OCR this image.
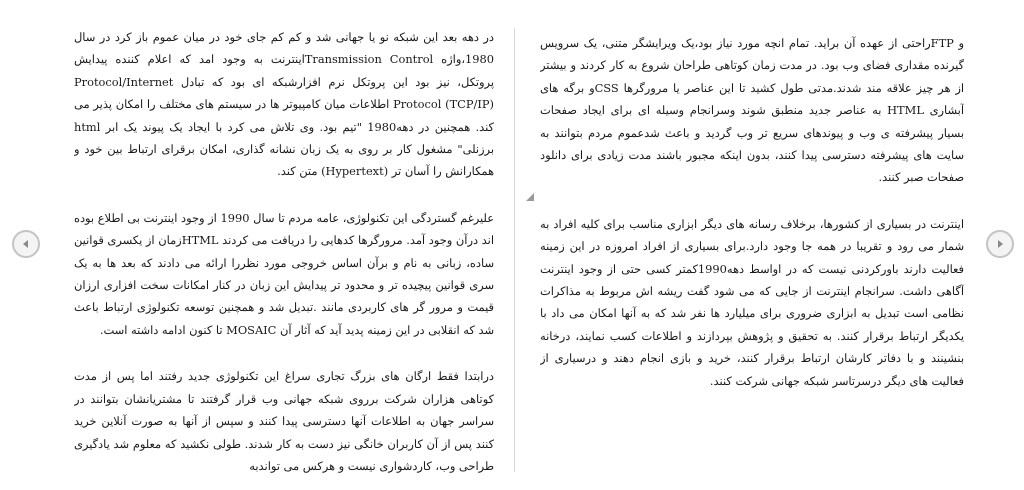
در دهه بعد این شبکه نو یا جهانی شد و کم کم جای خود در میان عموم باز کرد در سال 1980،واژه Transmission Controlاینترنت به وجود امد که اعلام کننده پیدایش پروتکل، نیز بود این پروتکل نرم افزارشبکه ای بود که تبادل Protocol/Internet Protocol (TCP/IP) اطلاعات میان کامپیوتر ها در سیستم های مختلف را امکان پذیر می کند. همچنین در دهه1980 "تیم بود. وی تلاش می کرد با ایجاد یک پیوند یک ابر html برزنلی" مشغول کار بر روی به یک زبان نشانه گذاری، امکان برقرای ارتباط بین خود و همکارانش را آسان تر (Hypertext) متن کند.

علیرغم گستردگی این تکنولوژی، عامه مردم تا سال 1990 از وجود اینترنت بی اطلاع بوده اند درآن وجود آمد. مرورگرها کدهایی را دریافت می کردند HTMLزمان از یکسری قوانین ساده، زبانی به نام و برآن اساس خروجی مورد نظررا ارائه می دادند که بعد ها به یک سری قوانین پیچیده تر و محدود تر پیدایش این زبان در کنار امکانات سخت افزاری ارزان قیمت و مرور گر های کاربردی مانند .تبدیل شد و همچنین توسعه تکنولوژی ارتباط باعث شد که انقلابی در این زمینه پدید آید که آثار آن MOSAIC تا کنون ادامه داشته است.

درابتدا فقط ارگان های بزرگ تجاری سراغ این تکنولوژی جدید رفتند اما پس از مدت کوتاهی هزاران شرکت برروی شبکه جهانی وب قرار گرفتند تا مشتریانشان بتوانند در سراسر جهان به اطلاعات آنها دسترسی پیدا کنند و سپس از آنها به صورت آنلاین خرید کنند پس از آن کاربران خانگی نیز دست به کار شدند. طولی نکشید که معلوم شد یادگیری طراحی وب، کاردشواری نیست و هرکس می تواندبه

و FTPراحتی از عهده آن براید. تمام انچه مورد نیاز بود،یک ویرایشگر متنی، یک سرویس گیرنده مقداری فضای وب بود. در مدت زمان کوتاهی طراحان شروع به کار کردند و بیشتر از هر چیز علاقه مند شدند.مدتی طول کشید تا این عناصر یا مرورگرها CSSو برگه های آبشاری HTML به عناصر جدید منطبق شوند وسرانجام وسیله ای برای ایجاد صفحات بسیار پیشرفته ی وب و پیوندهای سریع تر وب گردید و باعث شدعموم مردم بتوانند به سایت های پیشرفته دسترسی پیدا کنند، بدون اینکه مجبور باشند مدت زیادی برای دانلود صفحات صبر کنند.

اینترنت در بسیاری از کشورها، برخلاف رسانه های دیگر ابزاری مناسب برای کلیه افراد به شمار می رود و تقریبا در همه جا وجود دارد.برای بسیاری از افراد امروزه در این زمینه فعالیت دارند باورکردنی نیست که در اواسط دهه1990کمتر کسی حتی از وجود اینترنت آگاهی داشت. سرانجام اینترنت از جایی که می شود گفت ریشه اش مربوط به مذاکرات نظامی است تبدیل به ابزاری ضروری برای میلیارد ها نفر شد که به آنها امکان می داد با یکدیگر ارتباط برقرار کنند. به تحقیق و پژوهش بپردازند و اطلاعات کسب نمایند، درخانه بنشینند و با دفاتر کارشان ارتباط برقرار کنند، خرید و بازی انجام دهند و درسیاری از فعالیت های دیگر درسرتاسر شبکه جهانی شرکت کنند.
